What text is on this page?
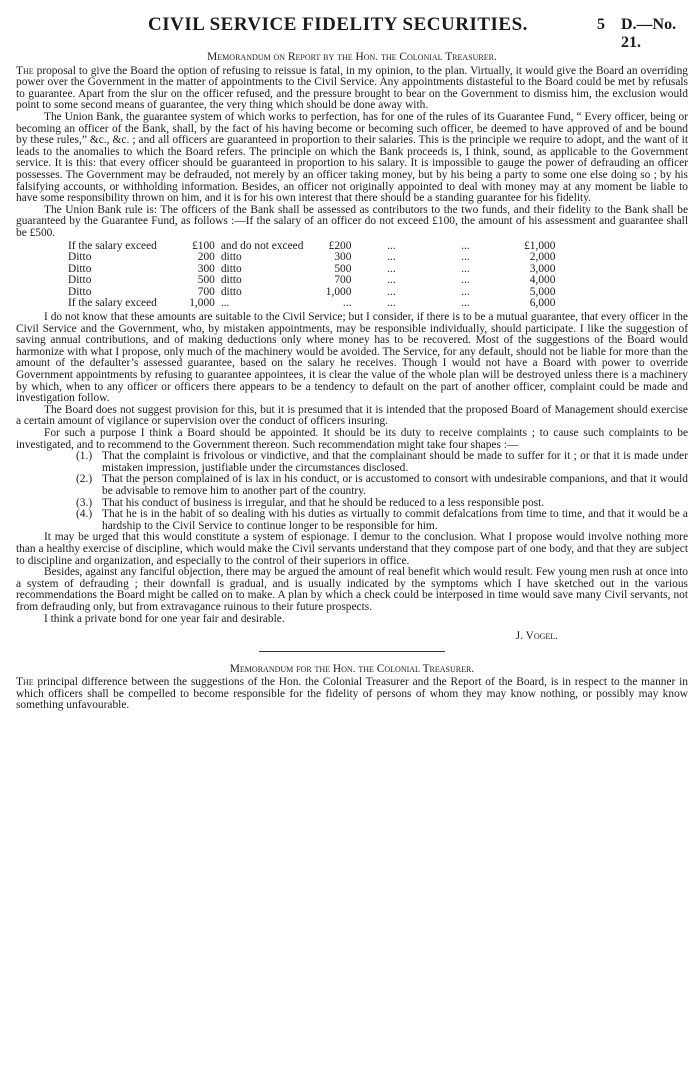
CIVIL SERVICE FIDELITY SECURITIES.	5 D.—No. 21.
Memorandum on Report by the Hon. the Colonial Treasurer.

The proposal to give the Board the option of refusing to reissue is fatal, in my opinion, to the plan. Virtually, it would give the Board an overriding power over the Government in the matter of appointments to the Civil Service. Any appointments distasteful to the Board could be met by refusals to guarantee. Apart from the slur on the officer refused, and the pressure brought to bear on the Government to dismiss him, the exclusion would point to some second means of guarantee, the very thing which should be done away with.

The Union Bank, the guarantee system of which works to perfection, has for one of the rules of its Guarantee Fund, “ Every officer, being or becoming an officer of the Bank, shall, by the fact of his having become or becoming such officer, be deemed to have approved of and be bound by these rules,” &c., &c. ; and all officers are guaranteed in proportion to their salaries. This is the principle we require to adopt, and the want of it leads to the anomalies to which the Board refers. The principle on which the Bank proceeds is, I think, sound, as applicable to the Government service. It is this: that every officer should be guaranteed in proportion to his salary. It is impossible to gauge the power of defrauding an officer possesses. The Government may be defrauded, not merely by an officer taking money, but by his being a party to some one else doing so ; by his falsifying accounts, or withholding information. Besides, an officer not originally appointed to deal with money may at any moment be liable to have some responsibility thrown on him, and it is for his own interest that there should be a standing guarantee for his fidelity.

The Union Bank rule is: The officers of the Bank shall be assessed as contributors to the two funds, and their fidelity to the Bank shall be guaranteed by the Guarantee Fund, as follows :—If the salary of an officer do not exceed £100, the amount of his assessment and guarantee shall be £500.

If the salary exceed	£100	and do not exceed	£200	...	...	£1,000
Ditto	200	ditto	300	...	...	2,000
Ditto	300	ditto	500	...	...	3,000
Ditto	500	ditto	700	...	...	4,000
Ditto	700	ditto	1,000	...	...	5,000
If the salary exceed	1,000	...	...	...	...	6,000

I do not know that these amounts are suitable to the Civil Service; but I consider, if there is to be a mutual guarantee, that every officer in the Civil Service and the Government, who, by mistaken appointments, may be responsible individually, should participate. I like the suggestion of saving annual contributions, and of making deductions only where money has to be recovered. Most of the suggestions of the Board would harmonize with what I propose, only much of the machinery would be avoided. The Service, for any default, should not be liable for more than the amount of the defaulter’s assessed guarantee, based on the salary he receives. Though I would not have a Board with power to override Government appointments by refusing to guarantee appointees, it is clear the value of the whole plan will be destroyed unless there is a machinery by which, when to any officer or officers there appears to be a tendency to default on the part of another officer, complaint could be made and investigation follow.

The Board does not suggest provision for this, but it is presumed that it is intended that the proposed Board of Management should exercise a certain amount of vigilance or supervision over the conduct of officers insuring.

For such a purpose I think a Board should be appointed. It should be its duty to receive complaints ; to cause such complaints to be investigated, and to recommend to the Government thereon. Such recommendation might take four shapes :—

(1.) That the complaint is frivolous or vindictive, and that the complainant should be made to suffer for it ; or that it is made under mistaken impression, justifiable under the circumstances disclosed.
(2.) That the person complained of is lax in his conduct, or is accustomed to consort with undesirable companions, and that it would be advisable to remove him to another part of the country.
(3.) That his conduct of business is irregular, and that he should be reduced to a less responsible post.
(4.) That he is in the habit of so dealing with his duties as virtually to commit defalcations from time to time, and that it would be a hardship to the Civil Service to continue longer to be responsible for him.

It may be urged that this would constitute a system of espionage. I demur to the conclusion. What I propose would involve nothing more than a healthy exercise of discipline, which would make the Civil servants understand that they compose part of one body, and that they are subject to discipline and organization, and especially to the control of their superiors in office.

Besides, against any fanciful objection, there may be argued the amount of real benefit which would result. Few young men rush at once into a system of defrauding ; their downfall is gradual, and is usually indicated by the symptoms which I have sketched out in the various recommendations the Board might be called on to make. A plan by which a check could be interposed in time would save many Civil servants, not from defrauding only, but from extravagance ruinous to their future prospects.

I think a private bond for one year fair and desirable.

J. Vogel.
Memorandum for the Hon. the Colonial Treasurer.

The principal difference between the suggestions of the Hon. the Colonial Treasurer and the Report of the Board, is in respect to the manner in which officers shall be compelled to become responsible for the fidelity of persons of whom they may know nothing, or possibly may know something unfavourable.
